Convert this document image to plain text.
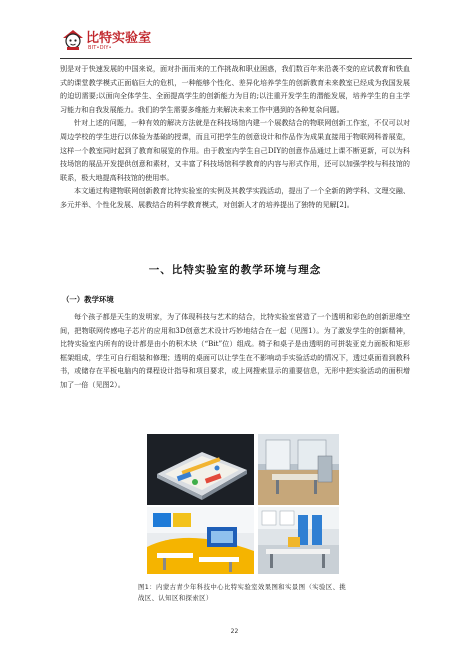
比特实验室
BIT•DIY•

别是对于快速发展的中国来说，面对扑面而来的工作挑战和职业困惑，我们数百年来沿袭不变的应试教育和铁血式的课堂教学模式正面临巨大的危机，一种能够个性化、差异化培养学生的创新教育未来教室已经成为我国发展的迫切需要;以面向全体学生、全面提高学生的创新能力为目的;以注重开发学生的潜能发展，培养学生的自主学习能力和自我发展能力。我们的学生需要多维能力来解决未来工作中遇到的各种复杂问题。

针对上述的问题，一种有效的解决方法就是在科技场馆内建一个展教结合的物联网创新工作室，不仅可以对周边学校的学生进行以体验为基础的授课，而且可把学生的创意设计和作品作为成果直接用于物联网科普展览，这样一个教室同时起到了教育和展览的作用。由于教室内学生自己DIY的创意作品通过上课不断更新，可以为科技场馆的展品开发提供创意和素材，又丰富了科技场馆科学教育的内容与形式作用，还可以加强学校与科技馆的联系，极大地提高科技馆的使用率。

本文通过构建物联网创新教育比特实验室的实例及其教学实践活动，提出了一个全新的跨学科、文理交融、多元并举、个性化发展、展教结合的科学教育模式，对创新人才的培养提出了独特的见解[2]。

一、比特实验室的教学环境与理念
（一）教学环境

每个孩子都是天生的发明家，为了体现科技与艺术的结合，比特实验室营造了一个透明和彩色的创新思维空间，把物联网传感电子芯片的应用和3D创意艺术设计巧妙地结合在一起（见图1）。为了激发学生的创新精神，比特实验室内所有的设计都是由小的积木块（“Bit”位）组成。椅子和桌子是由透明的可拼装亚克力面板和矩形框架组成，学生可自行组装和修理；透明的桌面可以让学生在不影响动手实验活动的情况下，透过桌面看到教科书，或储存在平板电脑内的课程设计指导和项目要求，或上网搜索显示的重要信息，无形中把实验活动的面积增加了一倍（见图2）。

图1：内蒙古青少年科技中心比特实验室效果图和实景图（实验区、挑战区、认知区和探索区）
22
